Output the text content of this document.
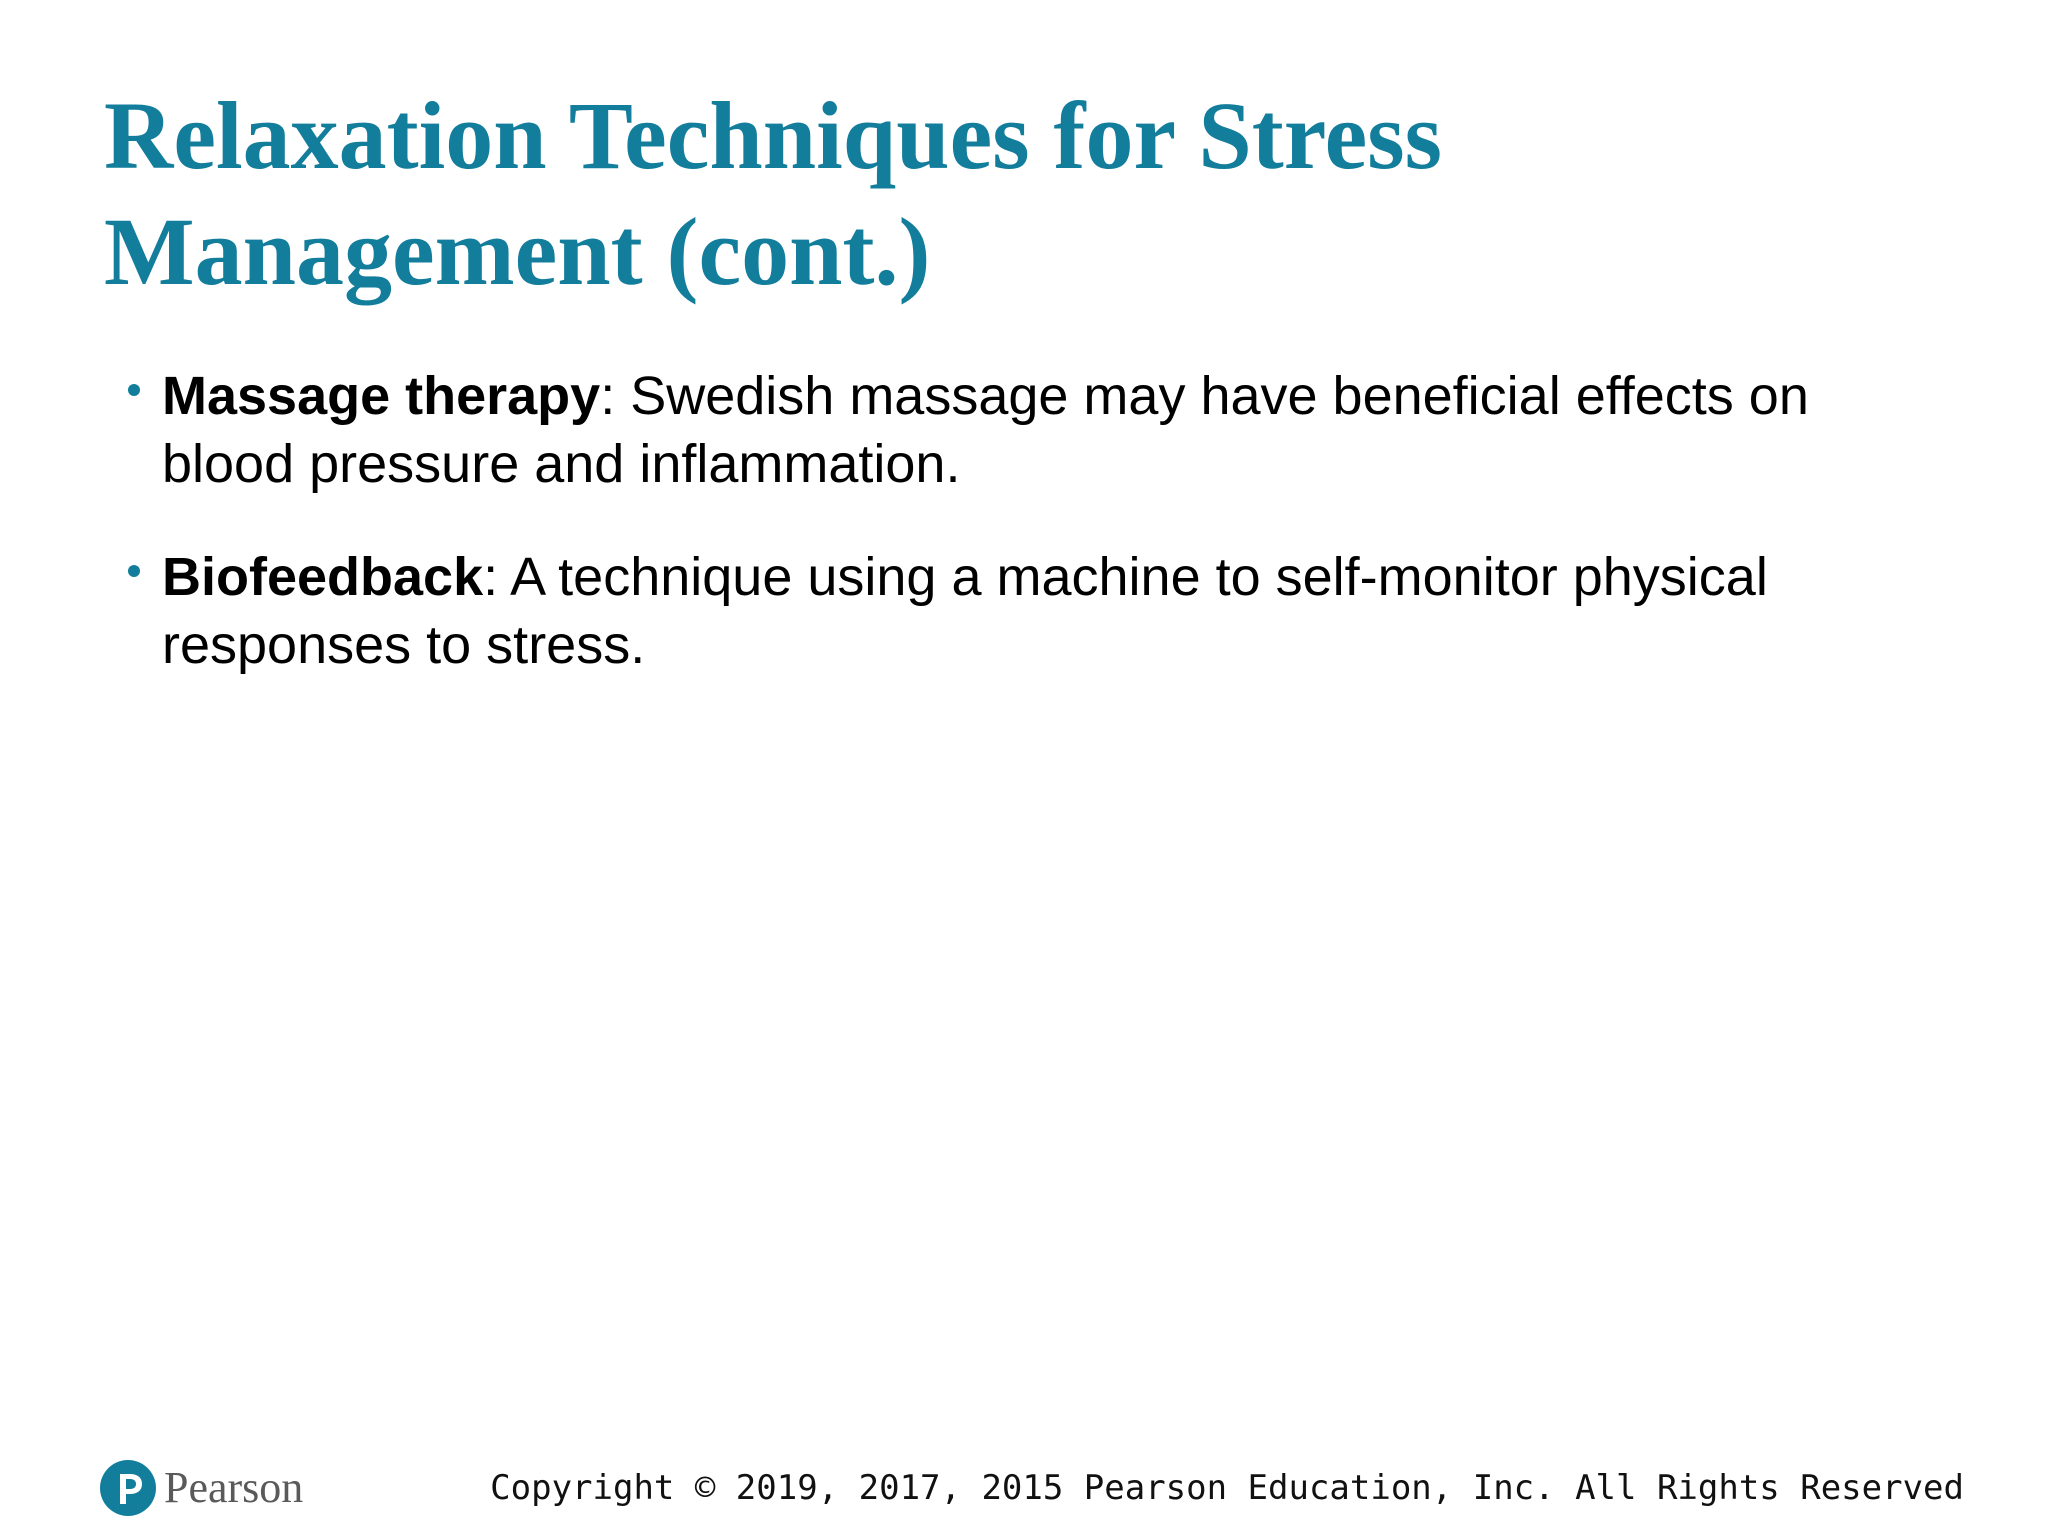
Relaxation Techniques for Stress
Management (cont.)
Massage therapy: Swedish massage may have beneficial effects on blood pressure and inflammation.
Biofeedback: A technique using a machine to self-monitor physical responses to stress.
Pearson	Copyright © 2019, 2017, 2015 Pearson Education, Inc. All Rights Reserved
